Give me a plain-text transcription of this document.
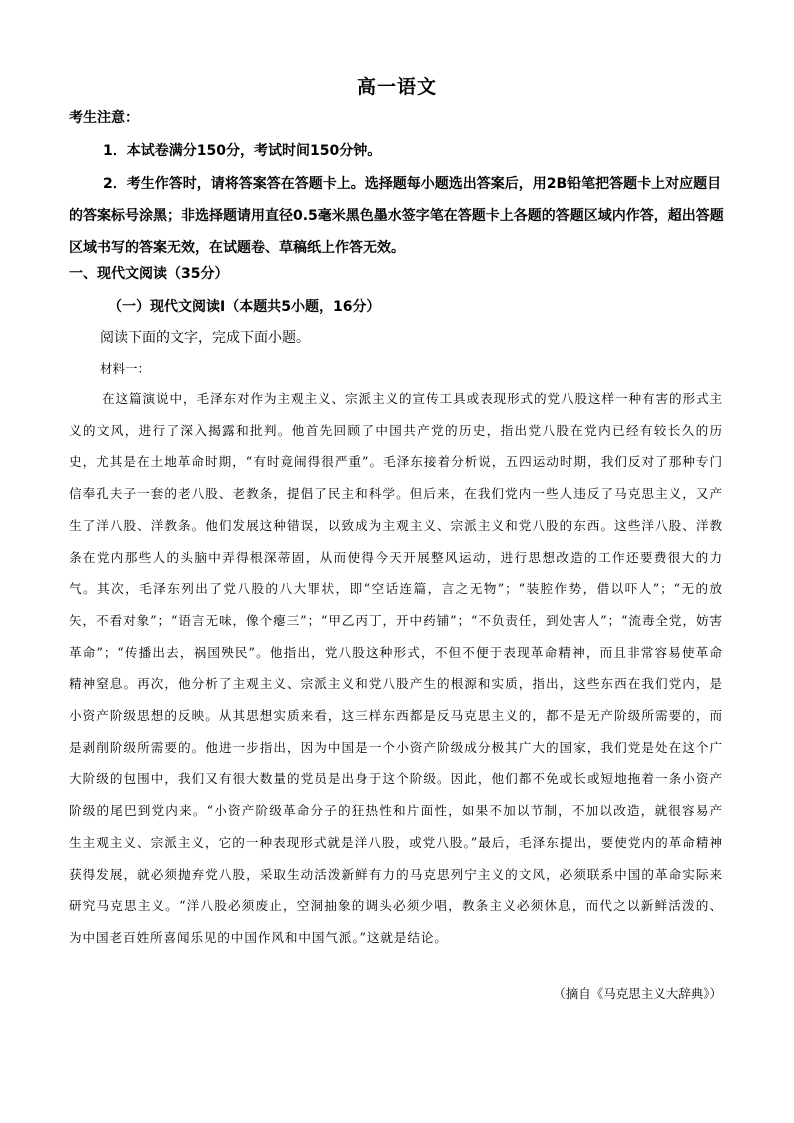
高一语文
考生注意：
1．本试卷满分150分，考试时间150分钟。
2．考生作答时，请将答案答在答题卡上。选择题每小题选出答案后，用2B铅笔把答题卡上对应题目的答案标号涂黑；非选择题请用直径0.5毫米黑色墨水签字笔在答题卡上各题的答题区域内作答，超出答题区域书写的答案无效，在试题卷、草稿纸上作答无效。
一、现代文阅读（35分）
（一）现代文阅读Ⅰ（本题共5小题，16分）
阅读下面的文字，完成下面小题。
材料一：
在这篇演说中，毛泽东对作为主观主义、宗派主义的宣传工具或表现形式的党八股这样一种有害的形式主义的文风，进行了深入揭露和批判。他首先回顾了中国共产党的历史，指出党八股在党内已经有较长久的历史，尤其是在土地革命时期，“有时竟闹得很严重”。毛泽东接着分析说，五四运动时期，我们反对了那种专门信奉孔夫子一套的老八股、老教条，提倡了民主和科学。但后来，在我们党内一些人违反了马克思主义，又产生了洋八股、洋教条。他们发展这种错误，以致成为主观主义、宗派主义和党八股的东西。这些洋八股、洋教条在党内那些人的头脑中弄得根深蒂固，从而使得今天开展整风运动，进行思想改造的工作还要费很大的力气。其次，毛泽东列出了党八股的八大罪状，即“空话连篇，言之无物”；“装腔作势，借以吓人”；“无的放矢，不看对象”；“语言无味，像个瘪三”；“甲乙丙丁，开中药铺”；“不负责任，到处害人”；“流毒全党，妨害革命”；“传播出去，祸国殃民”。他指出，党八股这种形式，不但不便于表现革命精神，而且非常容易使革命精神窒息。再次，他分析了主观主义、宗派主义和党八股产生的根源和实质，指出，这些东西在我们党内，是小资产阶级思想的反映。从其思想实质来看，这三样东西都是反马克思主义的，都不是无产阶级所需要的，而是剥削阶级所需要的。他进一步指出，因为中国是一个小资产阶级成分极其广大的国家，我们党是处在这个广大阶级的包围中，我们又有很大数量的党员是出身于这个阶级。因此，他们都不免或长或短地拖着一条小资产阶级的尾巴到党内来。“小资产阶级革命分子的狂热性和片面性，如果不加以节制，不加以改造，就很容易产生主观主义、宗派主义，它的一种表现形式就是洋八股，或党八股。”最后，毛泽东提出，要使党内的革命精神获得发展，就必须抛弃党八股，采取生动活泼新鲜有力的马克思列宁主义的文风，必须联系中国的革命实际来研究马克思主义。“洋八股必须废止，空洞抽象的调头必须少唱，教条主义必须休息，而代之以新鲜活泼的、为中国老百姓所喜闻乐见的中国作风和中国气派。”这就是结论。
（摘自《马克思主义大辞典》）
